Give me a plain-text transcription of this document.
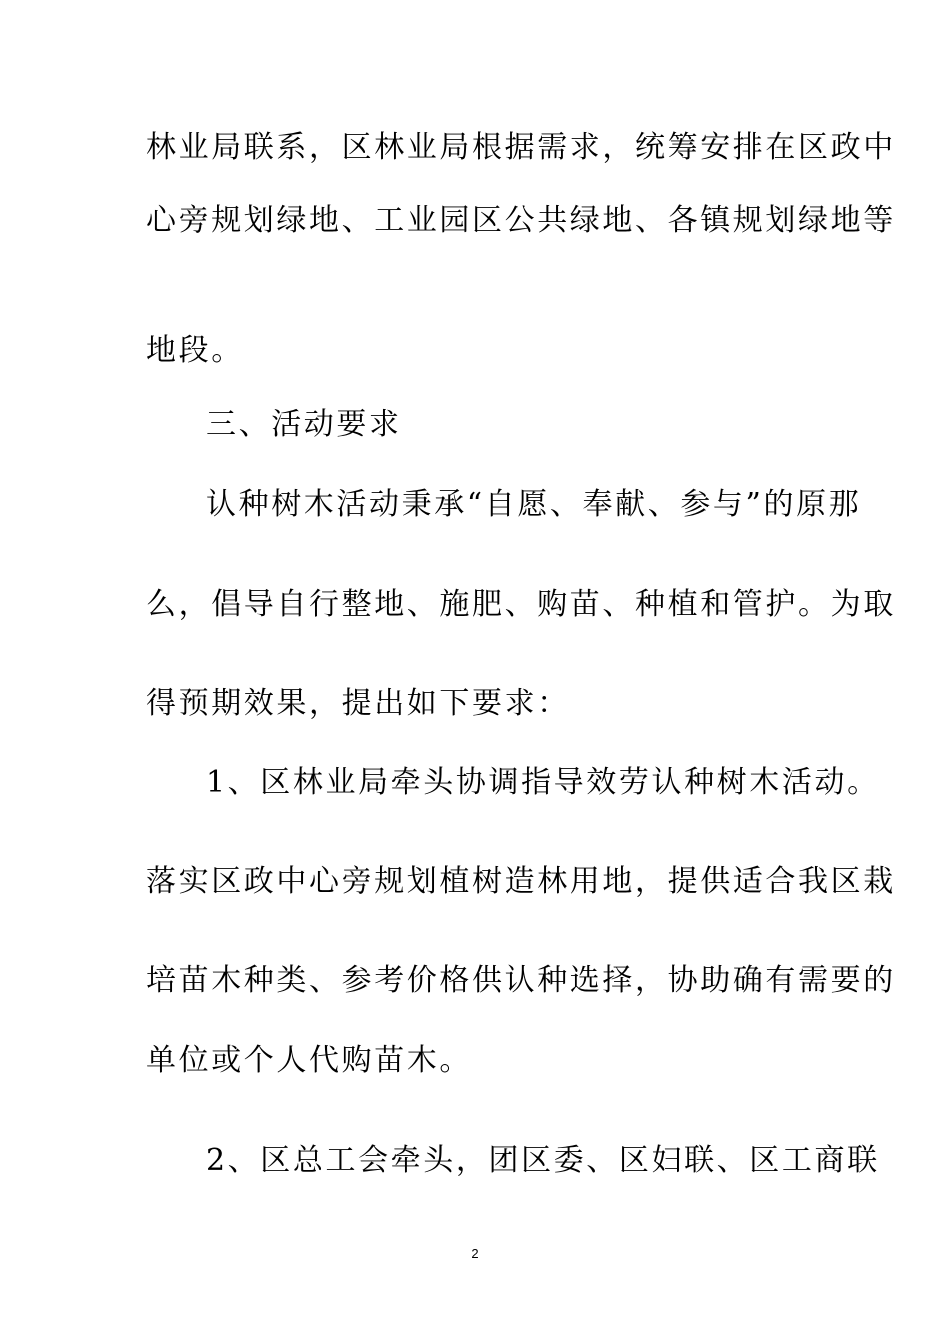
林业局联系，区林业局根据需求，统筹安排在区政中
心旁规划绿地、工业园区公共绿地、各镇规划绿地等
地段。
三、活动要求
认种树木活动秉承“自愿、奉献、参与”的原那
么，倡导自行整地、施肥、购苗、种植和管护。为取
得预期效果，提出如下要求：
1、区林业局牵头协调指导效劳认种树木活动。
落实区政中心旁规划植树造林用地，提供适合我区栽
培苗木种类、参考价格供认种选择，协助确有需要的
单位或个人代购苗木。
2、区总工会牵头，团区委、区妇联、区工商联
2
